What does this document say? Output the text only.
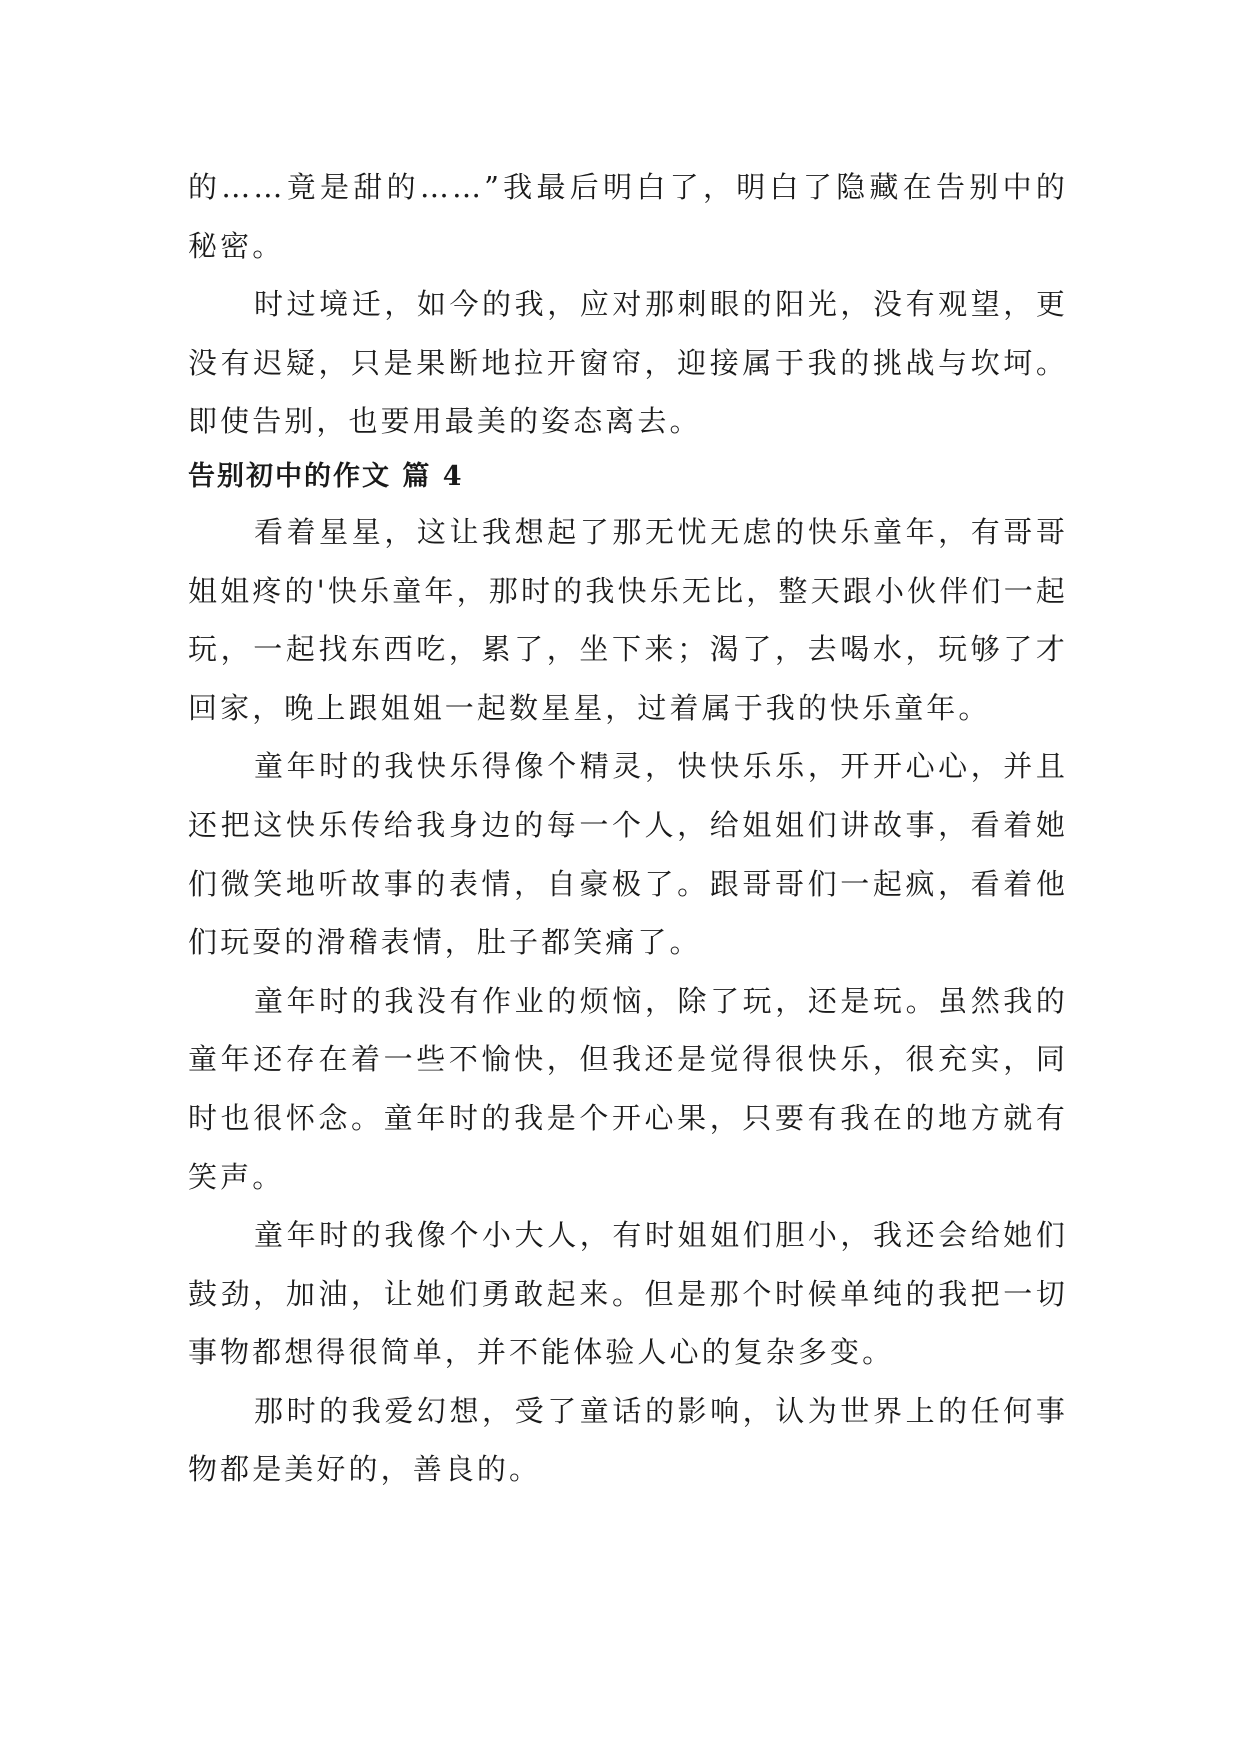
的……竟是甜的……”我最后明白了，明白了隐藏在告别中的秘密。

时过境迁，如今的我，应对那刺眼的阳光，没有观望，更没有迟疑，只是果断地拉开窗帘，迎接属于我的挑战与坎坷。即使告别，也要用最美的姿态离去。

告别初中的作文 篇 4

看着星星，这让我想起了那无忧无虑的快乐童年，有哥哥姐姐疼的'快乐童年，那时的我快乐无比，整天跟小伙伴们一起玩，一起找东西吃，累了，坐下来；渴了，去喝水，玩够了才回家，晚上跟姐姐一起数星星，过着属于我的快乐童年。

童年时的我快乐得像个精灵，快快乐乐，开开心心，并且还把这快乐传给我身边的每一个人，给姐姐们讲故事，看着她们微笑地听故事的表情，自豪极了。跟哥哥们一起疯，看着他们玩耍的滑稽表情，肚子都笑痛了。

童年时的我没有作业的烦恼，除了玩，还是玩。虽然我的童年还存在着一些不愉快，但我还是觉得很快乐，很充实，同时也很怀念。童年时的我是个开心果，只要有我在的地方就有笑声。

童年时的我像个小大人，有时姐姐们胆小，我还会给她们鼓劲，加油，让她们勇敢起来。但是那个时候单纯的我把一切事物都想得很简单，并不能体验人心的复杂多变。

那时的我爱幻想，受了童话的影响，认为世界上的任何事物都是美好的，善良的。
